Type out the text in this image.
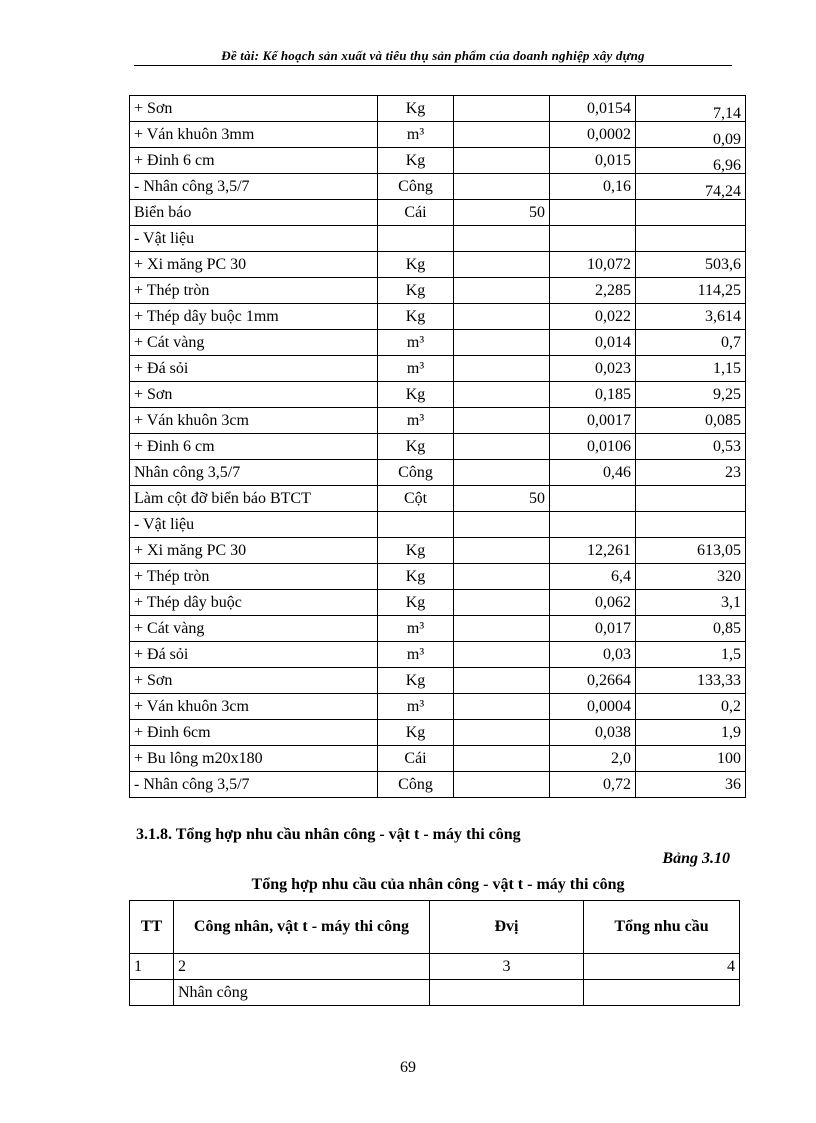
Đề tài: Kế hoạch sản xuất và tiêu thụ sản phẩm của doanh nghiệp xây dựng
+ Sơn	Kg		0,0154	7,14
+ Ván khuôn 3mm	m³		0,0002	0,09
+ Đinh 6 cm	Kg		0,015	6,96
- Nhân công 3,5/7	Công		0,16	74,24
Biển báo	Cái	50		
- Vật liệu				
+ Xi măng PC 30	Kg		10,072	503,6
+ Thép tròn	Kg		2,285	114,25
+ Thép dây buộc 1mm	Kg		0,022	3,614
+ Cát vàng	m³		0,014	0,7
+ Đá sỏi	m³		0,023	1,15
+ Sơn	Kg		0,185	9,25
+ Ván khuôn 3cm	m³		0,0017	0,085
+ Đinh 6 cm	Kg		0,0106	0,53
Nhân công 3,5/7	Công		0,46	23
Làm cột đỡ biển báo BTCT	Cột	50		
- Vật liệu				
+ Xi măng PC 30	Kg		12,261	613,05
+ Thép tròn	Kg		6,4	320
+ Thép dây buộc	Kg		0,062	3,1
+ Cát vàng	m³		0,017	0,85
+ Đá sỏi	m³		0,03	1,5
+ Sơn	Kg		0,2664	133,33
+ Ván khuôn 3cm	m³		0,0004	0,2
+ Đinh 6cm	Kg		0,038	1,9
+ Bu lông m20x180	Cái		2,0	100
- Nhân công 3,5/7	Công		0,72	36
3.1.8. Tổng hợp nhu cầu nhân công - vật t - máy thi công
Bảng 3.10
Tổng hợp nhu cầu của nhân công - vật t - máy thi công
TT	Công nhân, vật t - máy thi công	Đvị	Tổng nhu cầu
1	2	3	4
	Nhân công		
69
